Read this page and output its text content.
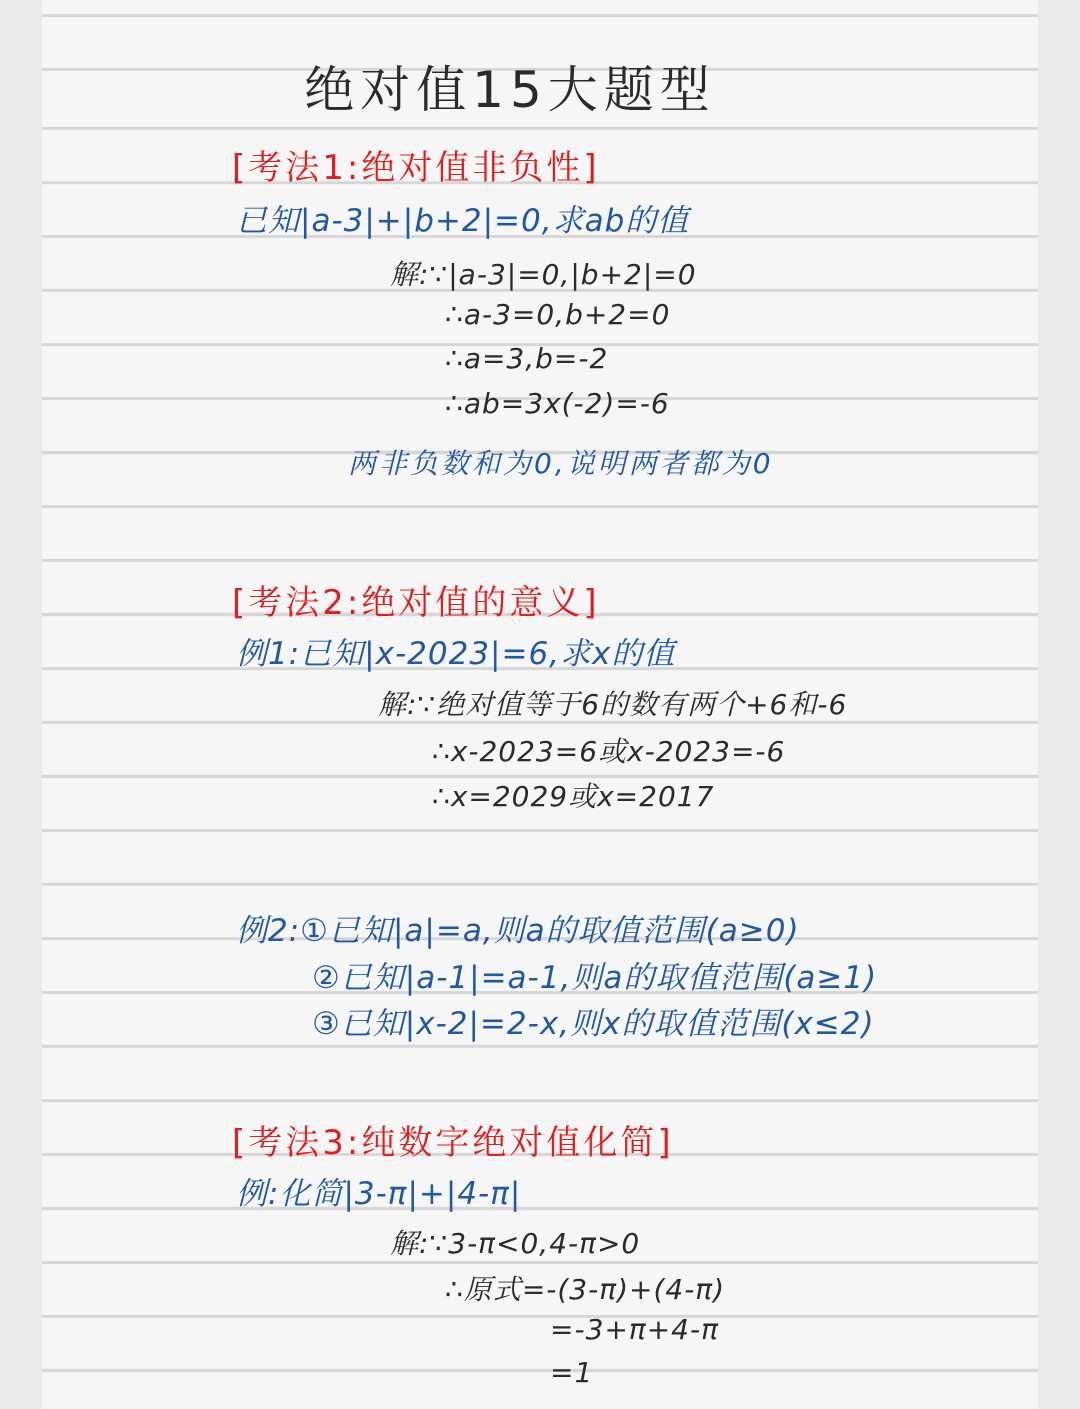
绝对值15大题型

[考法1:绝对值非负性]

已知|a-3|+|b+2|=0,求ab的值

解:∵|a-3|=0,|b+2|=0

∴a-3=0,b+2=0

∴a=3,b=-2

∴ab=3x(-2)=-6

两非负数和为0,说明两者都为0

[考法2:绝对值的意义]

例1:已知|x-2023|=6,求x的值

解:∵绝对值等于6的数有两个+6和-6

∴x-2023=6或x-2023=-6

∴x=2029或x=2017

例2:①已知|a|=a,则a的取值范围(a≥0)

②已知|a-1|=a-1,则a的取值范围(a≥1)

③已知|x-2|=2-x,则x的取值范围(x≤2)

[考法3:纯数字绝对值化简]

例:化简|3-π|+|4-π|

解:∵3-π<0,4-π>0

∴原式=-(3-π)+(4-π)

=-3+π+4-π

=1
